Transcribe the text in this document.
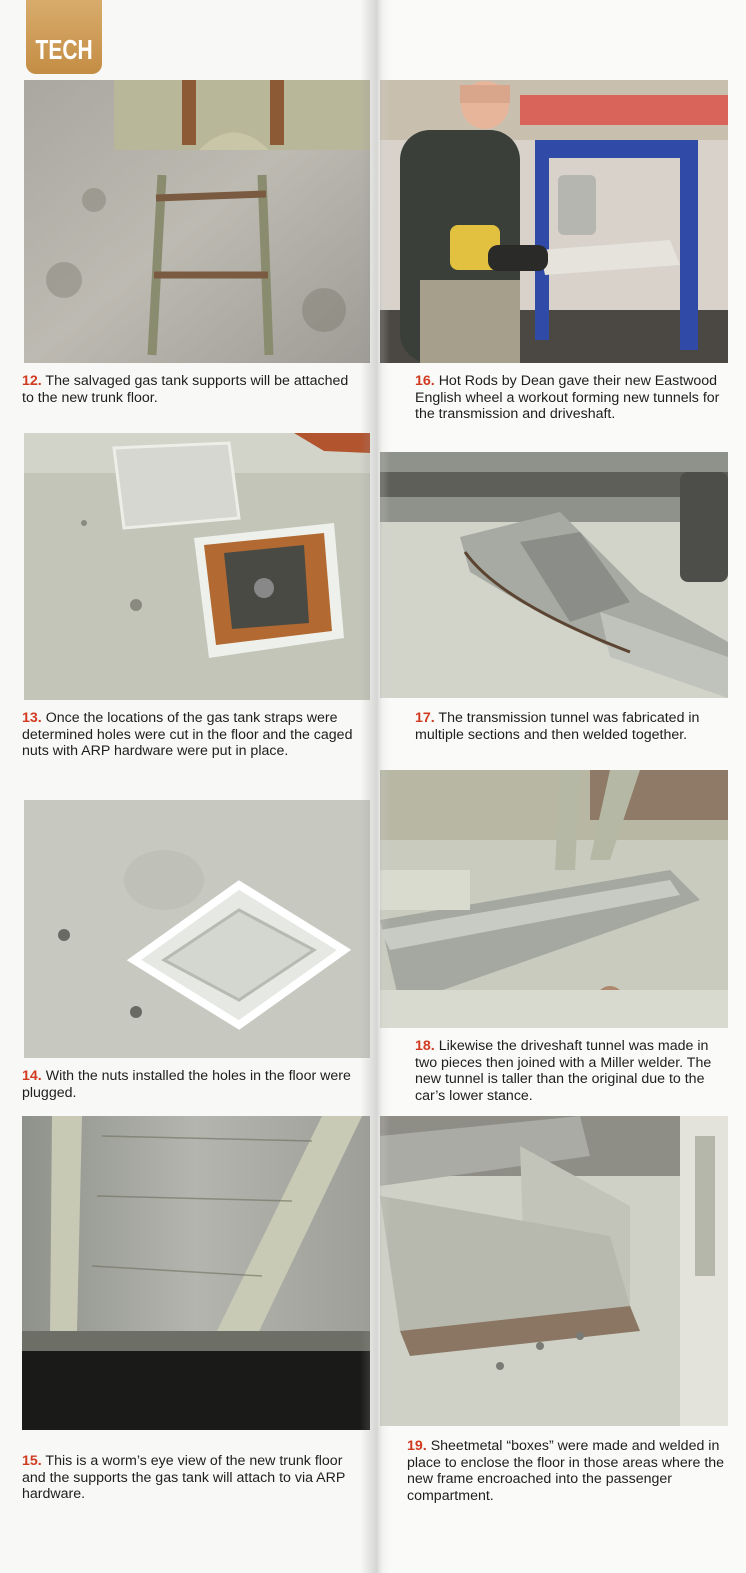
TECH
12. The salvaged gas tank supports will be attached to the new trunk floor.
13. Once the locations of the gas tank straps were determined holes were cut in the floor and the caged nuts with ARP hardware were put in place.
14. With the nuts installed the holes in the floor were plugged.
15. This is a worm’s eye view of the new trunk floor and the supports the gas tank will attach to via ARP hardware.
16. Hot Rods by Dean gave their new Eastwood English wheel a workout forming new tunnels for the transmission and driveshaft.
17. The transmission tunnel was fabricated in multiple sections and then welded together.
18. Likewise the driveshaft tunnel was made in two pieces then joined with a Miller welder. The new tunnel is taller than the original due to the car’s lower stance.
19. Sheetmetal “boxes” were made and welded in place to enclose the floor in those areas where the new frame encroached into the passenger compartment.
